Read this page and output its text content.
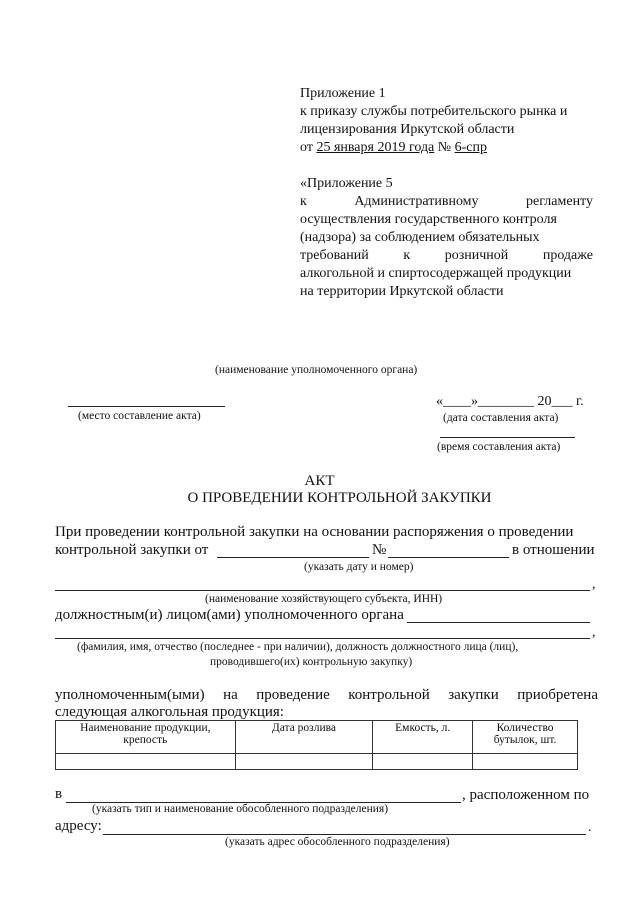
Приложение 1
к приказу службы потребительского рынка и
лицензирования Иркутской области
от 25 января 2019 года № 6-спр
«Приложение 5
к	Административному	регламенту
осуществления государственного контроля
(надзора) за соблюдением обязательных
требований к розничной продаже
алкогольной и спиртосодержащей продукции
на территории Иркутской области
(наименование уполномоченного органа)
(место составление акта)
«____»________ 20___ г.
(дата составления акта)
(время составления акта)
АКТ
О ПРОВЕДЕНИИ КОНТРОЛЬНОЙ ЗАКУПКИ
При проведении контрольной закупки на основании распоряжения о проведении
контрольной закупки от	№	в отношении
(указать дату и номер)
,
(наименование хозяйствующего субъекта, ИНН)
должностным(и) лицом(ами) уполномоченного органа
,
(фамилия, имя, отчество (последнее - при наличии), должность должностного лица (лиц),
проводившего(их) контрольную закупку)
уполномоченным(ыми) на проведение контрольной закупки приобретена
следующая алкогольная продукция:
Наименование продукции, крепость	Дата розлива	Емкость, л.	Количество бутылок, шт.

в	, расположенном по
(указать тип и наименование обособленного подразделения)
адресу:	.
(указать адрес обособленного подразделения)
